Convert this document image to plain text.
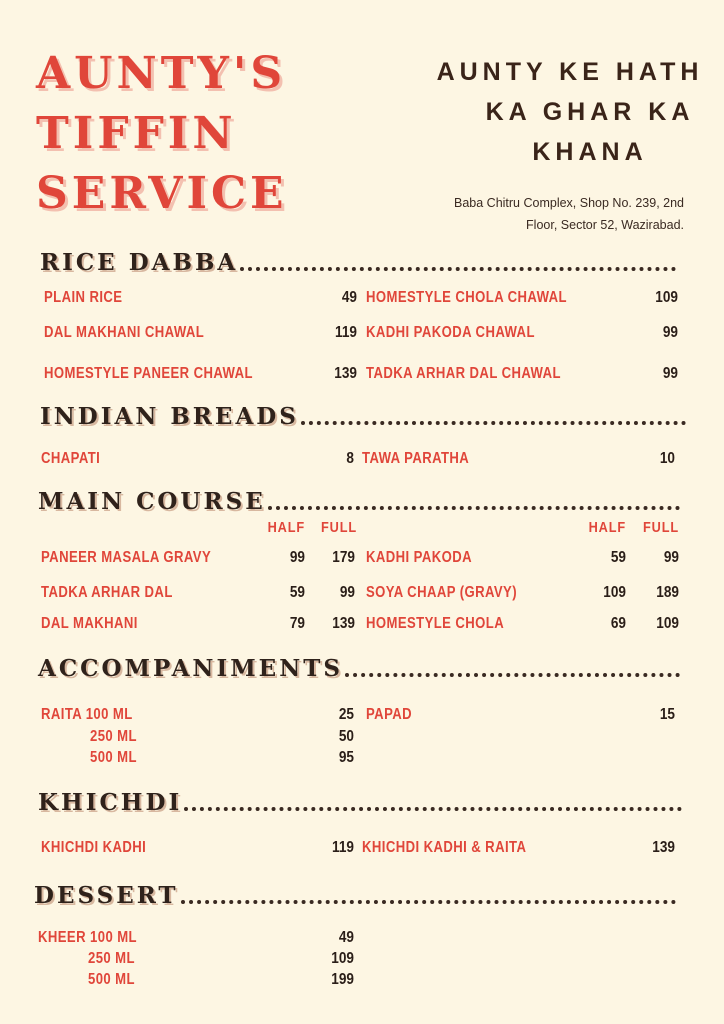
AUNTY'S
TIFFIN
SERVICE
AUNTY KE HATH
KA GHAR KA
KHANA
Baba Chitru Complex, Shop No. 239, 2nd
Floor, Sector 52, Wazirabad.
RICE DABBA
PLAIN RICE	49 HOMESTYLE CHOLA CHAWAL	109
DAL MAKHANI CHAWAL	119 KADHI PAKODA CHAWAL	99
HOMESTYLE PANEER CHAWAL	139 TADKA ARHAR DAL CHAWAL	99
INDIAN BREADS
CHAPATI	8 TAWA PARATHA	10
MAIN COURSE
HALF	FULL	HALF	FULL
PANEER MASALA GRAVY	99	179 KADHI PAKODA	59	99
TADKA ARHAR DAL	59	99 SOYA CHAAP (GRAVY)	109	189
DAL MAKHANI	79	139 HOMESTYLE CHOLA	69	109
ACCOMPANIMENTS
RAITA 100 ML	25 PAPAD	15
250 ML	50
500 ML	95
KHICHDI
KHICHDI KADHI	119 KHICHDI KADHI & RAITA	139
DESSERT
KHEER 100 ML	49
250 ML	109
500 ML	199
